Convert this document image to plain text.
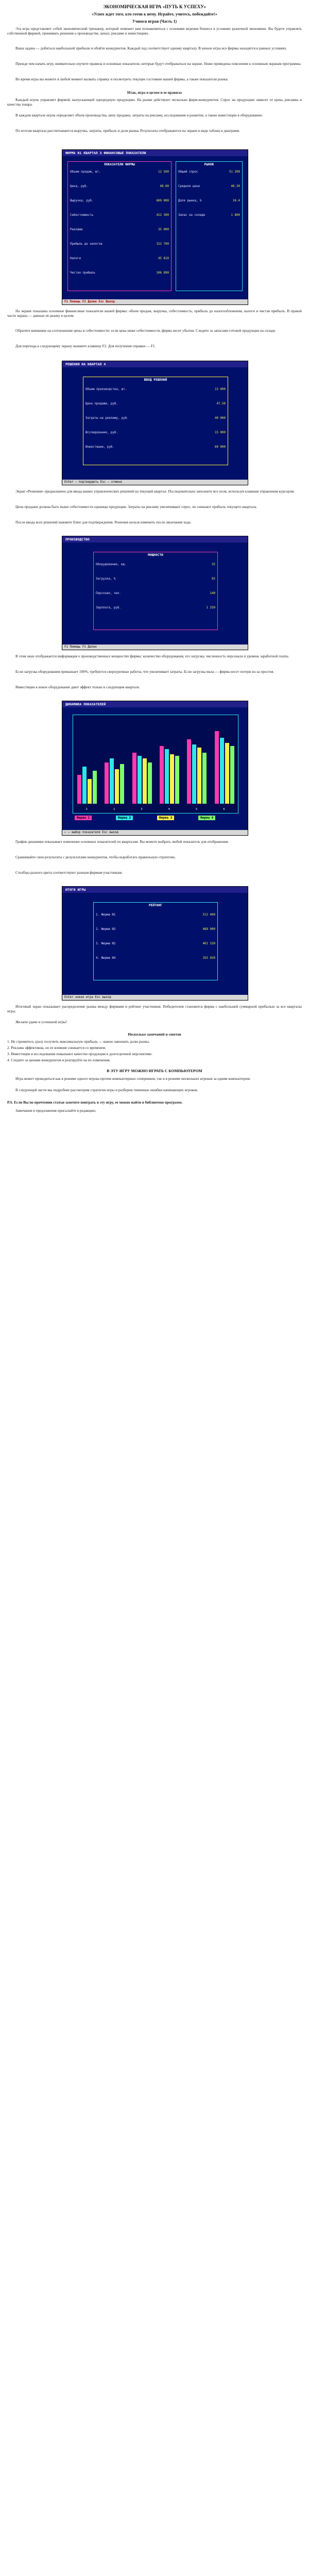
ЭКОНОМИЧЕСКАЯ ИГРА «ПУТЬ К УСПЕХУ»
«Успех ждет того, кто готов к нему. Играйте, учитесь, побеждайте!»
Учимся играя (Часть 1)
Эта игра представляет собой экономический тренажер, который поможет вам познакомиться с основами ведения бизнеса в условиях рыночной экономики. Вы будете управлять собственной фирмой, принимать решения о производстве, ценах, рекламе и инвестициях.
Ваша задача — добиться наибольшей прибыли и обойти конкурентов. Каждый ход соответствует одному кварталу. В начале игры все фирмы находятся в равных условиях.
Прежде чем начать игру, внимательно изучите правила и основные показатели, которые будут отображаться на экране. Ниже приведены пояснения к основным экранам программы.
Во время игры вы можете в любой момент вызвать справку и посмотреть текущее состояние вашей фирмы, а также показатели рынка.
Итак, игра в целом и ее правила
Каждый игрок управляет фирмой, выпускающей однородную продукцию. На рынке действуют несколько фирм-конкурентов. Спрос на продукцию зависит от цены, рекламы и качества товара.
В каждом квартале игрок определяет объем производства, цену продажи, затраты на рекламу, исследования и развитие, а также инвестиции в оборудование.
По итогам квартала рассчитываются выручка, затраты, прибыль и доля рынка. Результаты отображаются на экране в виде таблиц и диаграмм.
ФИРМА N1 КВАРТАЛ 3 ФИНАНСОВЫЕ ПОКАЗАТЕЛИ
ПОКАЗАТЕЛИ ФИРМЫ
Объем продаж, шт.	12 500
Цена, руб.	48.00
Выручка, руб.	600 000
Себестоимость	412 300
Реклама	35 000
Прибыль до налогов	152 700
Налоги	45 810
Чистая прибыль	106 890
РЫНОК
Общий спрос	51 200
Средняя цена	46.30
Доля рынка, %	24.4
Запас на складе	1 800
F1 Помощь F2 Далее Esc Выход
На экране показаны основные финансовые показатели вашей фирмы: объем продаж, выручка, себестоимость, прибыль до налогообложения, налоги и чистая прибыль. В правой части экрана — данные по рынку в целом.
Обратите внимание на соотношение цены и себестоимости: если цена ниже себестоимости, фирма несет убытки. Следите за запасами готовой продукции на складе.
Для перехода к следующему экрану нажмите клавишу F2. Для получения справки — F1.
РЕШЕНИЯ НА КВАРТАЛ 4
ВВОД РЕШЕНИЙ
Объем производства, шт.	13 000
Цена продажи, руб.	47.50
Затраты на рекламу, руб.	40 000
Исследования, руб.	15 000
Инвестиции, руб.	60 000
Enter — подтвердить Esc — отмена
Экран «Решения» предназначен для ввода ваших управленческих решений на текущий квартал. Последовательно заполните все поля, используя клавиши управления курсором.
Цена продажи должна быть выше себестоимости единицы продукции. Затраты на рекламу увеличивают спрос, но снижают прибыль текущего квартала.
После ввода всех решений нажмите Enter для подтверждения. Решения нельзя изменить после окончания хода.
ПРОИЗВОДСТВО
МОЩНОСТИ
Оборудование, ед.	25
Загрузка, %	92
Персонал, чел.	140
Зарплата, руб.	1 250
F1 Помощь F2 Далее
В этом окне отображается информация о производственных мощностях фирмы: количество оборудования, его загрузка, численность персонала и уровень заработной платы.
Если загрузка оборудования превышает 100%, требуются сверхурочные работы, что увеличивает затраты. Если загрузка мала — фирма несет потери из-за простоя.
Инвестиции в новое оборудование дают эффект только в следующем квартале.
ДИНАМИКА ПОКАЗАТЕЛЕЙ
1	2	3	4	5	6
Фирма 1	Фирма 2	Фирма 3	Фирма 4
← → выбор показателя Esc выход
График динамики показывает изменение основных показателей по кварталам. Вы можете выбрать любой показатель для отображения.
Сравнивайте свои результаты с результатами конкурентов, чтобы выработать правильную стратегию.
Столбцы разного цвета соответствуют разным фирмам-участникам.
ИТОГИ ИГРЫ
РЕЙТИНГ
1. Фирма N1	512 400
2. Фирма N3	468 900
3. Фирма N2	401 150
4. Фирма N4	355 020
Enter новая игра Esc выход
Итоговый экран показывает распределение рынка между фирмами и рейтинг участников. Победителем становится фирма с наибольшей суммарной прибылью за все кварталы игры.
Желаем удачи и успешной игры!
Несколько замечаний и советов
1. Не стремитесь сразу получить максимальную прибыль — важно завоевать долю рынка.
2. Реклама эффективна, но ее влияние снижается со временем.
3. Инвестиции в исследования повышают качество продукции в долгосрочной перспективе.
4. Следите за ценами конкурентов и реагируйте на их изменения.
В ЭТУ ИГРУ МОЖНО ИГРАТЬ С КОМПЬЮТЕРОМ
Игра может проводиться как в режиме одного игрока против компьютерных соперников, так и в режиме нескольких игроков за одним компьютером.
В следующей части мы подробнее рассмотрим стратегии игры и разберем типичные ошибки начинающих игроков.
P.S. Если Вы по прочтении статьи захотите поиграть в эту игру, ее можно найти в библиотеке программ.
Замечания и предложения присылайте в редакцию.
